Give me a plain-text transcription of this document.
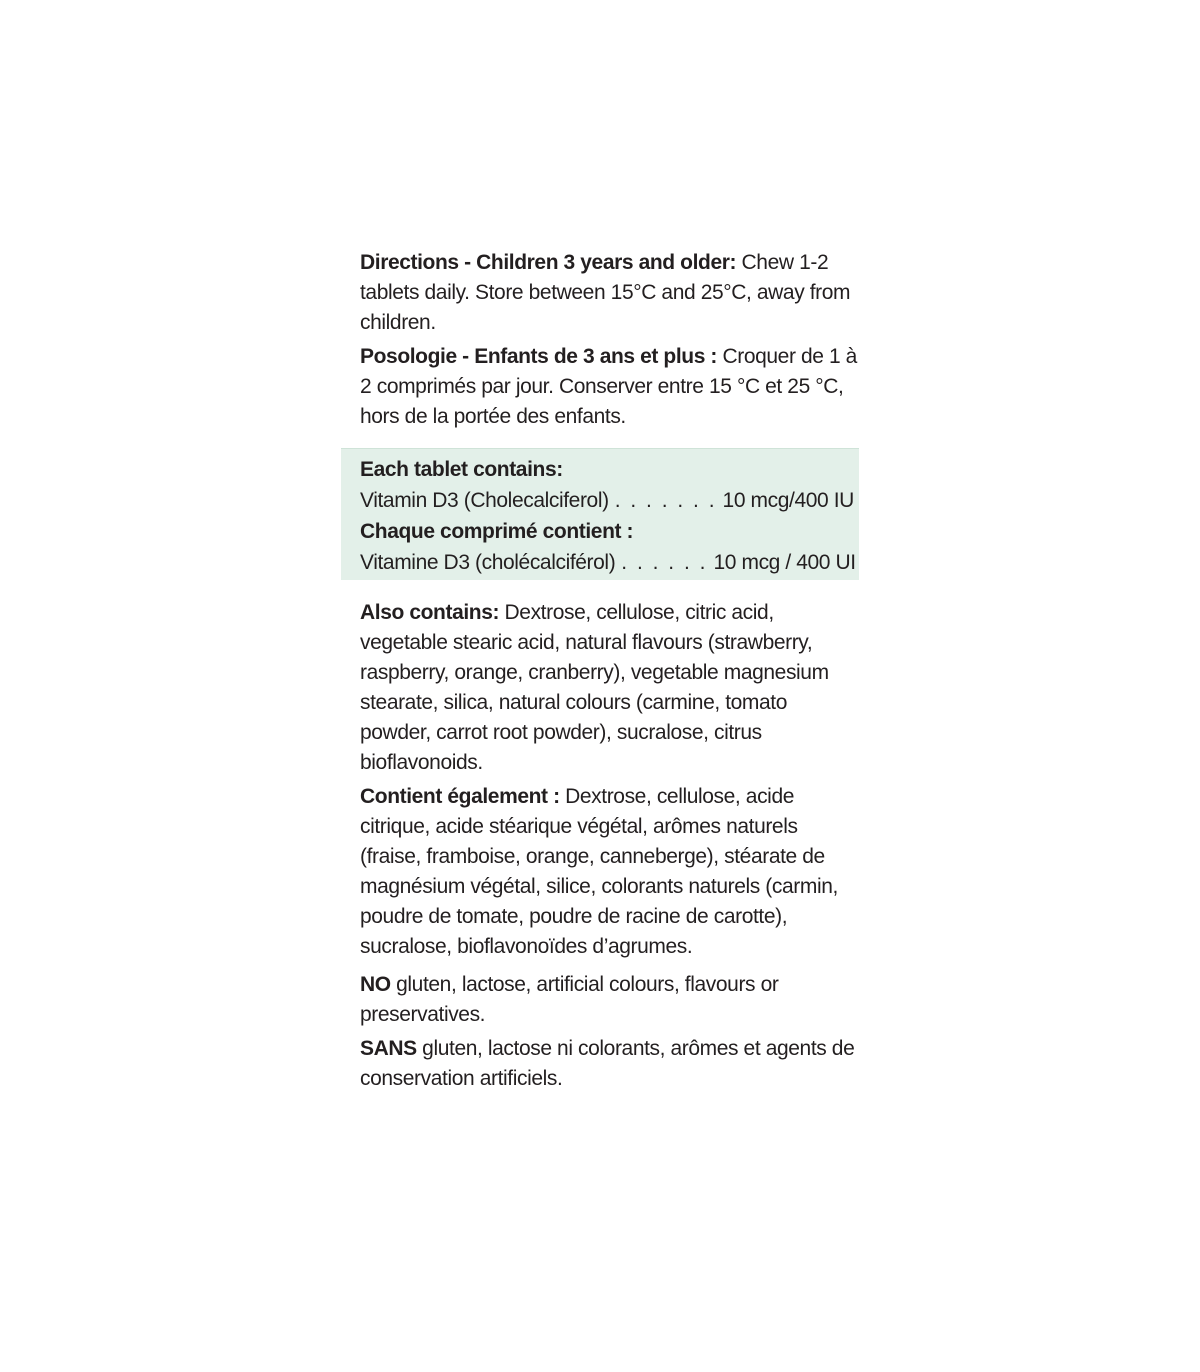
Directions - Children 3 years and older: Chew 1-2 tablets daily. Store between 15°C and 25°C, away from children.

Posologie - Enfants de 3 ans et plus : Croquer de 1 à 2 comprimés par jour. Conserver entre 15 °C et 25 °C, hors de la portée des enfants.

Each tablet contains:
Vitamin D3 (Cholecalciferol) . . . . . . . 10 mcg/400 IU
Chaque comprimé contient :
Vitamine D3 (cholécalciférol) . . . . . . 10 mcg / 400 UI

Also contains: Dextrose, cellulose, citric acid, vegetable stearic acid, natural flavours (strawberry, raspberry, orange, cranberry), vegetable magnesium stearate, silica, natural colours (carmine, tomato powder, carrot root powder), sucralose, citrus bioflavonoids.

Contient également : Dextrose, cellulose, acide citrique, acide stéarique végétal, arômes naturels (fraise, framboise, orange, canneberge), stéarate de magnésium végétal, silice, colorants naturels (carmin, poudre de tomate, poudre de racine de carotte), sucralose, bioflavonoïdes d’agrumes.

NO gluten, lactose, artificial colours, flavours or preservatives.

SANS gluten, lactose ni colorants, arômes et agents de conservation artificiels.
